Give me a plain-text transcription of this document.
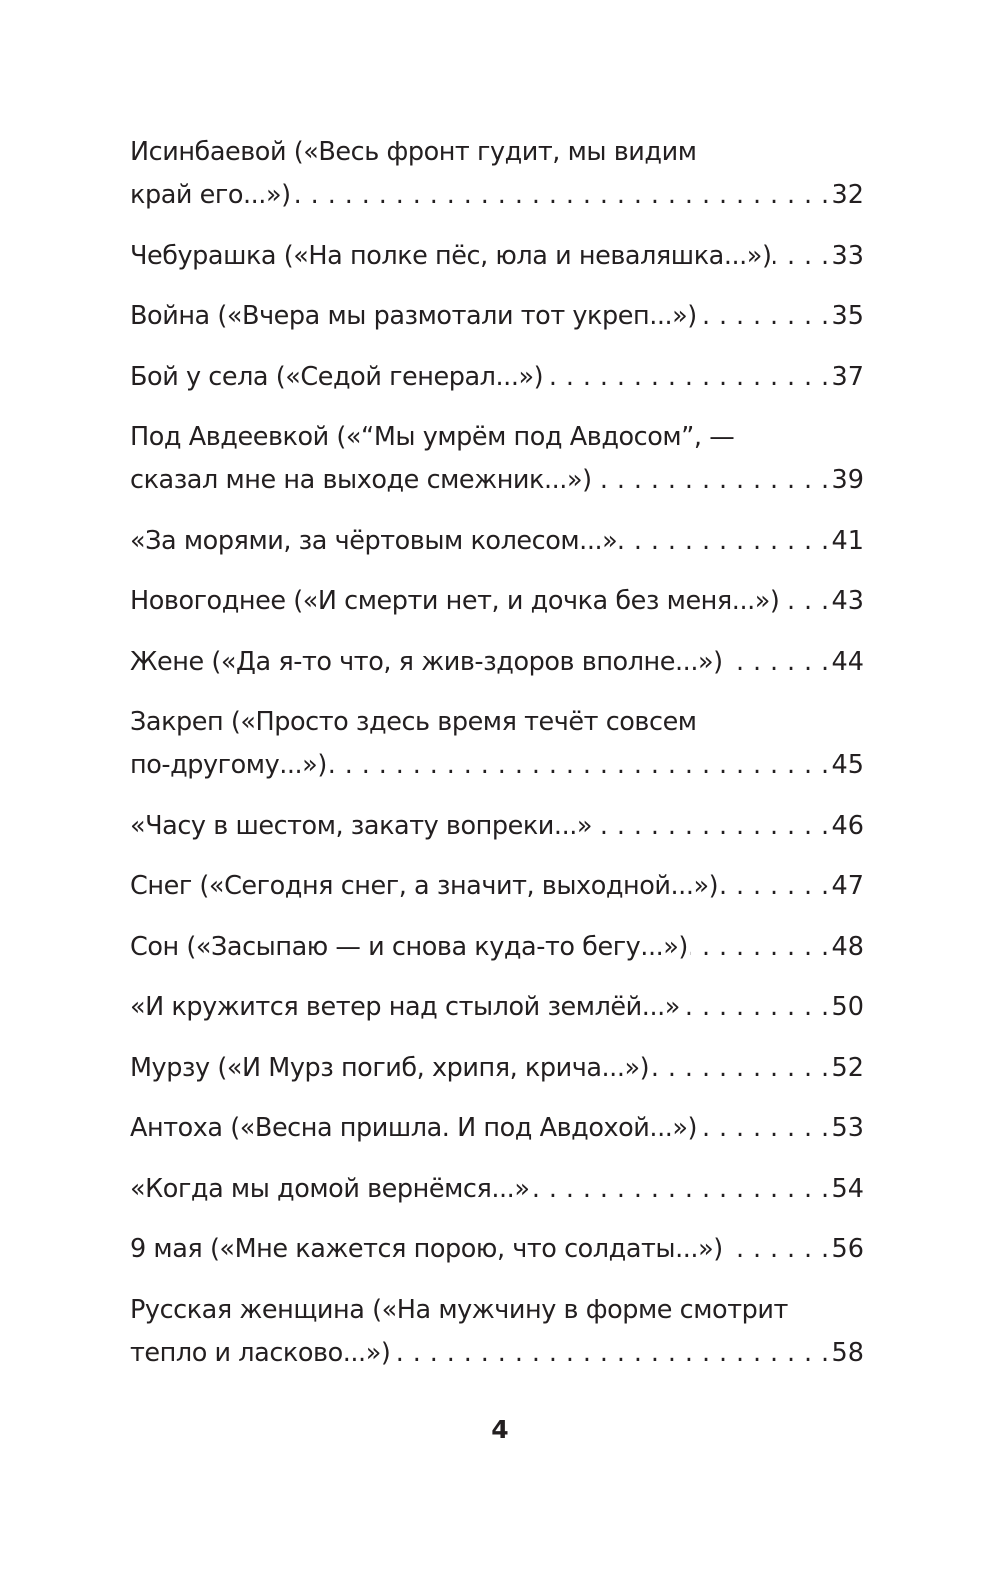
Исинбаевой («Весь фронт гудит, мы видим
край его...») . . .	32
Чебурашка («На полке пёс, юла и неваляшка...») . . . 33
Война («Вчера мы размотали тот укреп...») . . .	35
Бой у села («Седой генерал...») . . .	37
Под Авдеевкой («“Мы умрём под Авдосом”, —
сказал мне на выходе смежник...») . . .	39
«За морями, за чёртовым колесом...» . . .	41
Новогоднее («И смерти нет, и дочка без меня...») . . . 43
Жене («Да я-то что, я жив-здоров вполне...») . . .	44
Закреп («Просто здесь время течёт совсем
по-другому...») . . .	45
«Часу в шестом, закату вопреки...» . . .	46
Снег («Сегодня снег, а значит, выходной...») . . .	47
Сон («Засыпаю — и снова куда-то бегу...») . . .	48
«И кружится ветер над стылой землёй...» . . .	50
Мурзу («И Мурз погиб, хрипя, крича...») . . .	52
Антоха («Весна пришла. И под Авдохой...») . . .	53
«Когда мы домой вернёмся...» . . .	54
9 мая («Мне кажется порою, что солдаты...») . . .	56
Русская женщина («На мужчину в форме смотрит
тепло и ласково...») . . .	58
4
